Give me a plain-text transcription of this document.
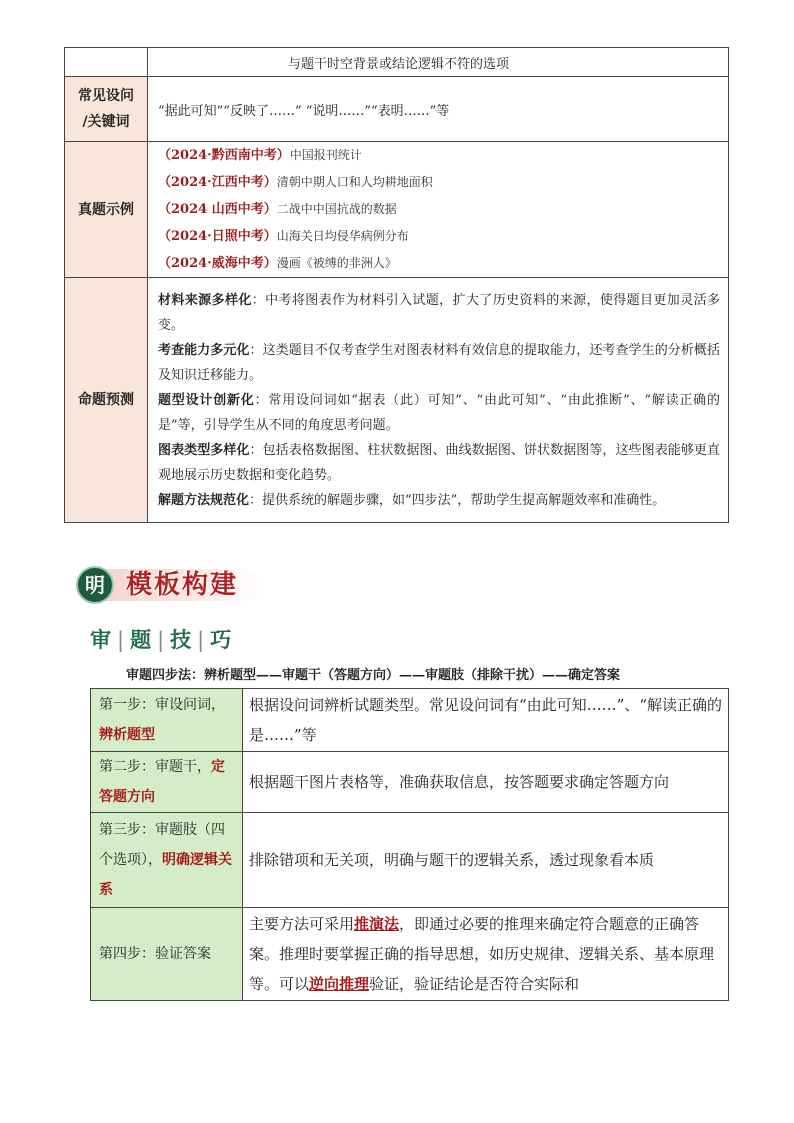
	与题干时空背景或结论逻辑不符的选项

常见设问
/关键词	“据此可知”“反映了……” “说明……”“表明……”等
真题示例	（2024·黔西南中考）中国报刊统计
（2024·江西中考）清朝中期人口和人均耕地面积
（2024 山西中考）二战中中国抗战的数据
（2024·日照中考）山海关日均侵华病例分布
（2024·威海中考）漫画《被缚的非洲人》

命题预测	材料来源多样化：中考将图表作为材料引入试题，扩大了历史资料的来源，使得题目更加灵活多变。
考查能力多元化：这类题目不仅考查学生对图表材料有效信息的提取能力，还考查学生的分析概括及知识迁移能力。
题型设计创新化：常用设问词如“据表（此）可知”、“由此可知”、“由此推断”、“解读正确的是”等，引导学生从不同的角度思考问题。
图表类型多样化：包括表格数据图、柱状数据图、曲线数据图、饼状数据图等，这些图表能够更直观地展示历史数据和变化趋势。
解题方法规范化：提供系统的解题步骤，如“四步法”，帮助学生提高解题效率和准确性。
明 模板构建
审 | 题 | 技 | 巧
审题四步法：辨析题型——审题干（答题方向）——审题肢（排除干扰）——确定答案
第一步：审设问词，辨析题型	根据设问词辨析试题类型。常见设问词有“由此可知……”、“解读正确的是……”等
第二步：审题干，定答题方向	根据题干图片表格等，准确获取信息，按答题要求确定答题方向
第三步：审题肢（四个选项），明确逻辑关系	排除错项和无关项，明确与题干的逻辑关系，透过现象看本质
第四步：验证答案	主要方法可采用推演法，即通过必要的推理来确定符合题意的正确答案。推理时要掌握正确的指导思想，如历史规律、逻辑关系、基本原理等。可以逆向推理验证，验证结论是否符合实际和
